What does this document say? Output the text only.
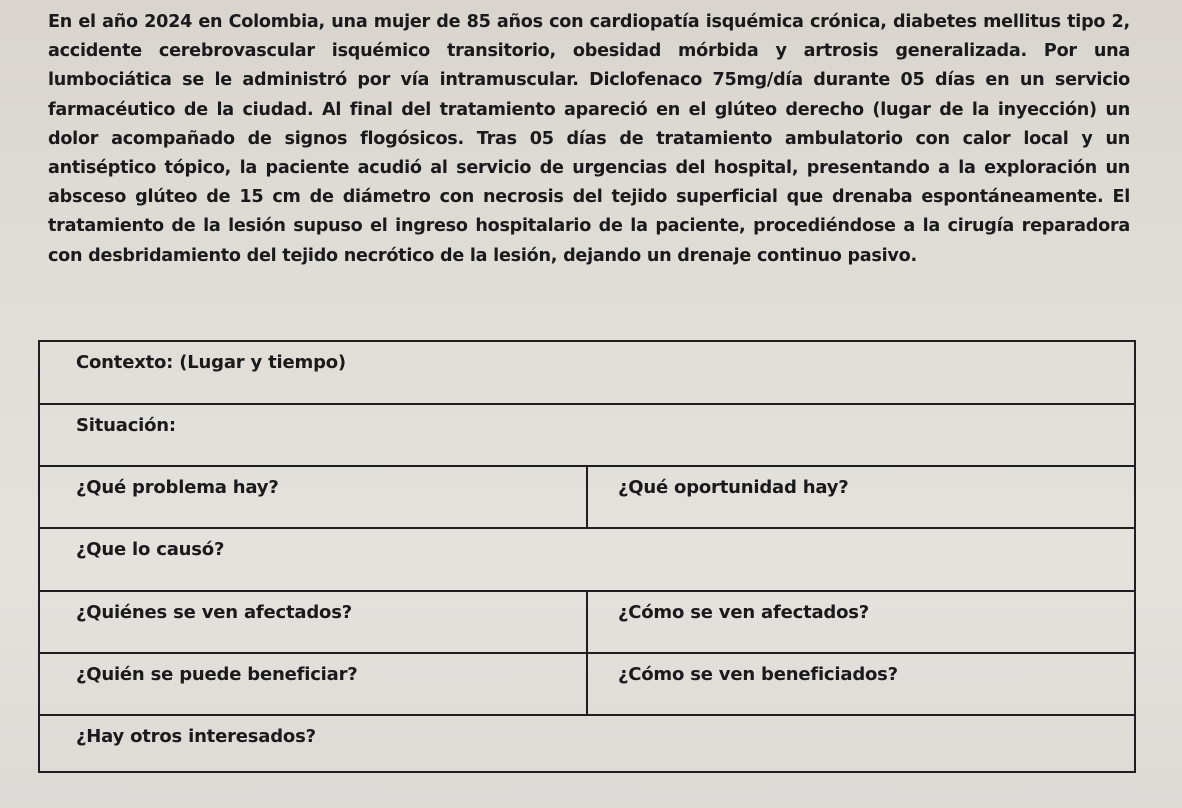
En el año 2024 en Colombia, una mujer de 85 años con cardiopatía isquémica crónica, diabetes mellitus tipo 2, accidente cerebrovascular isquémico transitorio, obesidad mórbida y artrosis generalizada. Por una lumbociática se le administró por vía intramuscular. Diclofenaco 75mg/día durante 05 días en un servicio farmacéutico de la ciudad. Al final del tratamiento apareció en el glúteo derecho (lugar de la inyección) un dolor acompañado de signos flogósicos. Tras 05 días de tratamiento ambulatorio con calor local y un antiséptico tópico, la paciente acudió al servicio de urgencias del hospital, presentando a la exploración un absceso glúteo de 15 cm de diámetro con necrosis del tejido superficial que drenaba espontáneamente. El tratamiento de la lesión supuso el ingreso hospitalario de la paciente, procediéndose a la cirugía reparadora con desbridamiento del tejido necrótico de la lesión, dejando un drenaje continuo pasivo.
Contexto: (Lugar y tiempo)
Situación:
¿Qué problema hay?	¿Qué oportunidad hay?
¿Que lo causó?
¿Quiénes se ven afectados?	¿Cómo se ven afectados?
¿Quién se puede beneficiar?	¿Cómo se ven beneficiados?
¿Hay otros interesados?
